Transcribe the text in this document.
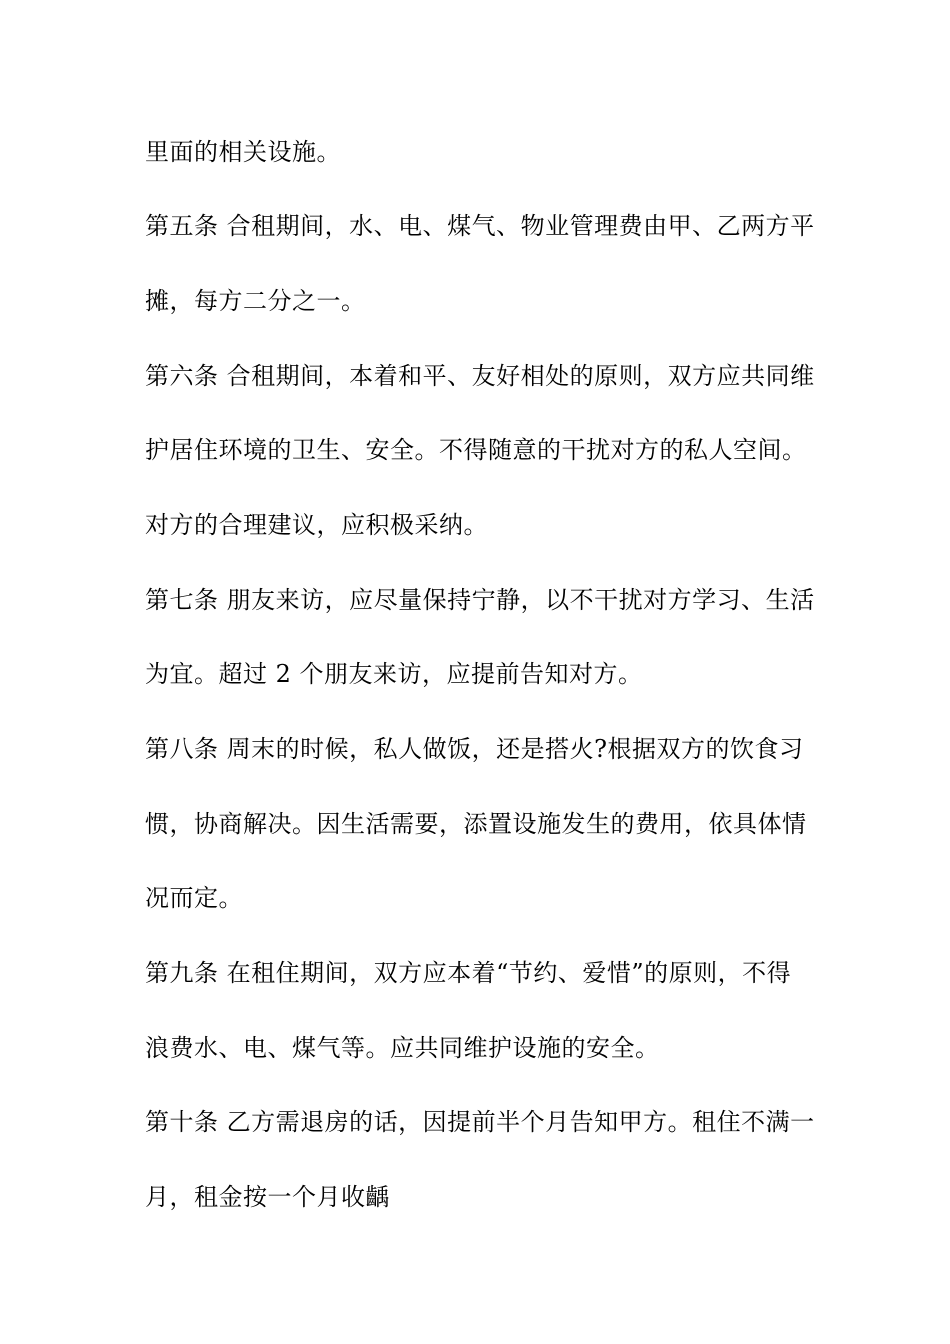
里面的相关设施。
第五条 合租期间，水、电、煤气、物业管理费由甲、乙两方平
摊，每方二分之一。
第六条 合租期间，本着和平、友好相处的原则，双方应共同维
护居住环境的卫生、安全。不得随意的干扰对方的私人空间。
对方的合理建议，应积极采纳。
第七条 朋友来访，应尽量保持宁静，以不干扰对方学习、生活
为宜。超过 2 个朋友来访，应提前告知对方。
第八条 周末的时候，私人做饭，还是搭火?根据双方的饮食习
惯，协商解决。因生活需要，添置设施发生的费用，依具体情
况而定。
第九条 在租住期间，双方应本着“节约、爱惜”的原则，不得
浪费水、电、煤气等。应共同维护设施的安全。
第十条 乙方需退房的话，因提前半个月告知甲方。租住不满一
月，租金按一个月收齲
